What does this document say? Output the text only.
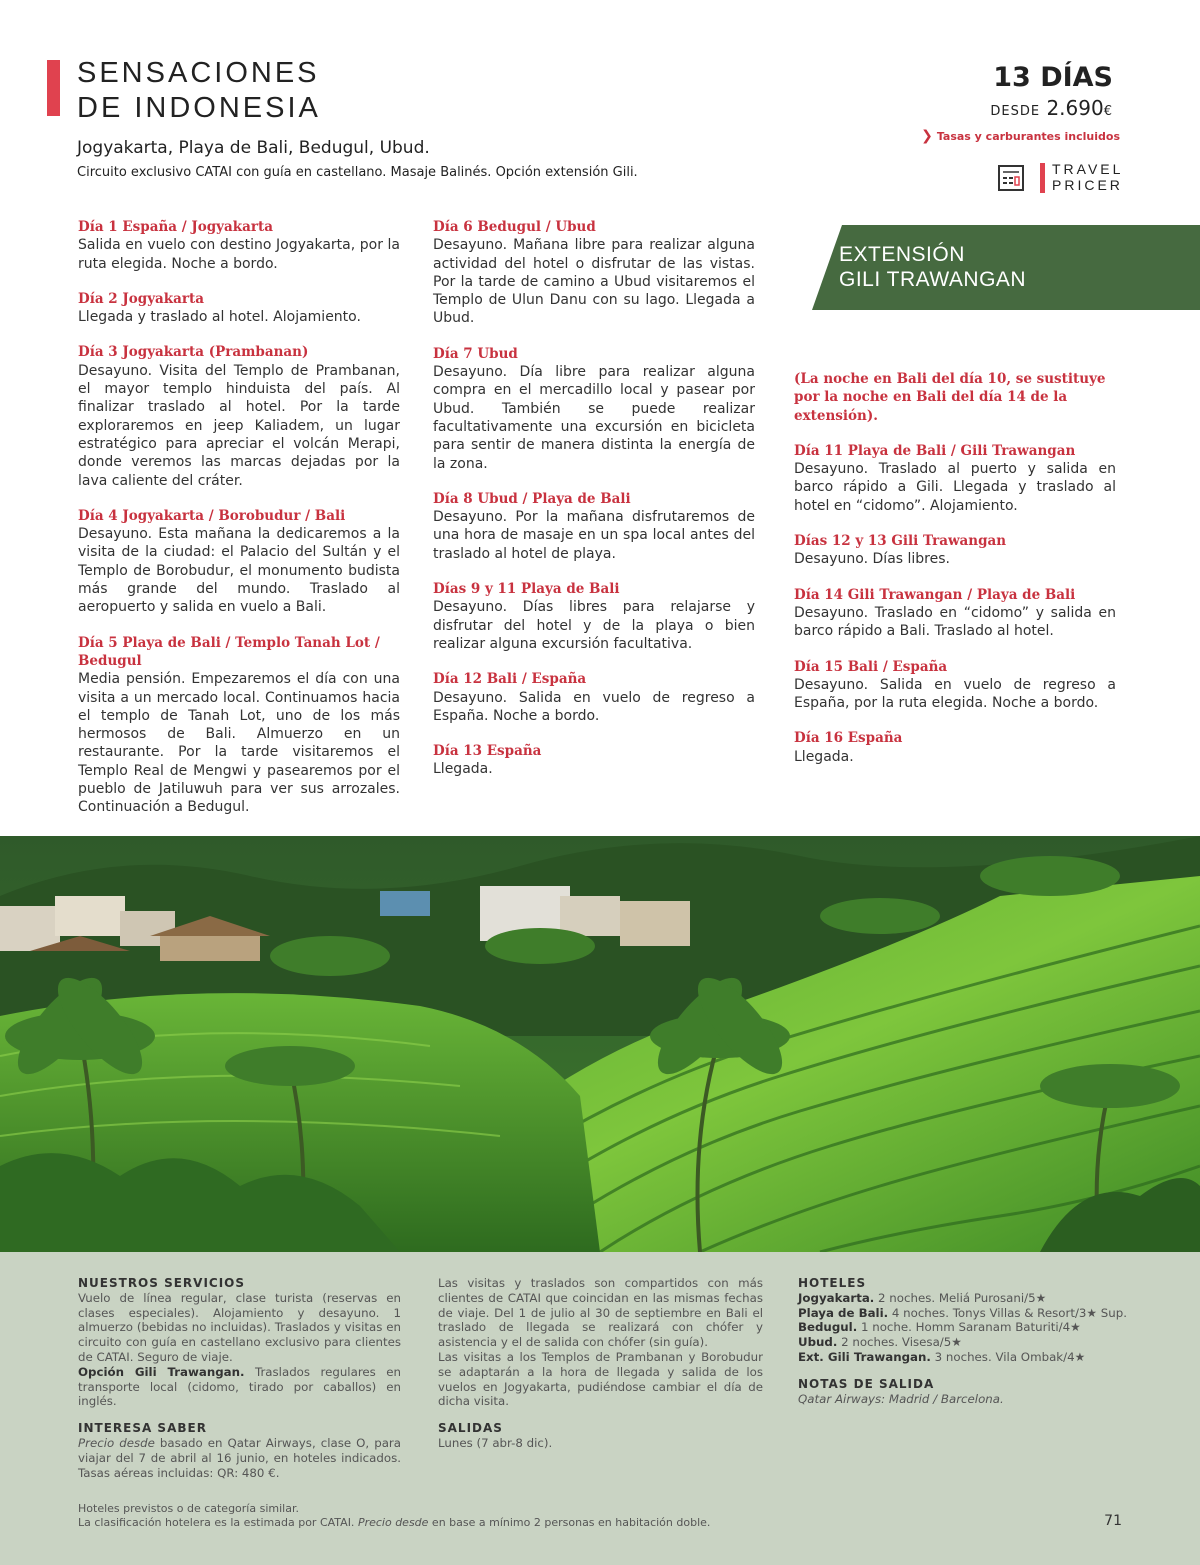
SENSACIONES
DE INDONESIA
Jogyakarta, Playa de Bali, Bedugul, Ubud.
Circuito exclusivo CATAI con guía en castellano. Masaje Balinés. Opción extensión Gili.
13 DÍAS
DESDE 2.690€
❯ Tasas y carburantes incluidos
TRAVEL
PRICER
Día 1 España / Jogyakarta
Salida en vuelo con destino Jogyakarta, por la ruta elegida. Noche a bordo.
Día 2 Jogyakarta
Llegada y traslado al hotel. Alojamiento.
Día 3 Jogyakarta (Prambanan)
Desayuno. Visita del Templo de Prambanan, el mayor templo hinduista del país. Al finalizar traslado al hotel. Por la tarde exploraremos en jeep Kaliadem, un lugar estratégico para apreciar el volcán Merapi, donde veremos las marcas dejadas por la lava caliente del cráter.
Día 4 Jogyakarta / Borobudur / Bali
Desayuno. Esta mañana la dedicaremos a la visita de la ciudad: el Palacio del Sultán y el Templo de Borobudur, el monumento budista más grande del mundo. Traslado al aeropuerto y salida en vuelo a Bali.
Día 5 Playa de Bali / Templo Tanah Lot / Bedugul
Media pensión. Empezaremos el día con una visita a un mercado local. Continuamos hacia el templo de Tanah Lot, uno de los más hermosos de Bali. Almuerzo en un restaurante. Por la tarde visitaremos el Templo Real de Mengwi y pasearemos por el pueblo de Jatiluwuh para ver sus arrozales. Continuación a Bedugul.
Día 6 Bedugul / Ubud
Desayuno. Mañana libre para realizar alguna actividad del hotel o disfrutar de las vistas. Por la tarde de camino a Ubud visitaremos el Templo de Ulun Danu con su lago. Llegada a Ubud.
Día 7 Ubud
Desayuno. Día libre para realizar alguna compra en el mercadillo local y pasear por Ubud. También se puede realizar facultativamente una excursión en bicicleta para sentir de manera distinta la energía de la zona.
Día 8 Ubud / Playa de Bali
Desayuno. Por la mañana disfrutaremos de una hora de masaje en un spa local antes del traslado al hotel de playa.
Días 9 y 11 Playa de Bali
Desayuno. Días libres para relajarse y disfrutar del hotel y de la playa o bien realizar alguna excursión facultativa.
Día 12 Bali / España
Desayuno. Salida en vuelo de regreso a España. Noche a bordo.
Día 13 España
Llegada.
EXTENSIÓN
GILI TRAWANGAN
(La noche en Bali del día 10, se sustituye por la noche en Bali del día 14 de la extensión).
Día 11 Playa de Bali / Gili Trawangan
Desayuno. Traslado al puerto y salida en barco rápido a Gili. Llegada y traslado al hotel en “cidomo”. Alojamiento.
Días 12 y 13 Gili Trawangan
Desayuno. Días libres.
Día 14 Gili Trawangan / Playa de Bali
Desayuno. Traslado en “cidomo” y salida en barco rápido a Bali. Traslado al hotel.
Día 15 Bali / España
Desayuno. Salida en vuelo de regreso a España, por la ruta elegida. Noche a bordo.
Día 16 España
Llegada.
NUESTROS SERVICIOS
Vuelo de línea regular, clase turista (reservas en clases especiales). Alojamiento y desayuno. 1 almuerzo (bebidas no incluidas). Traslados y visitas en circuito con guía en castellano exclusivo para clientes de CATAI. Seguro de viaje.
Opción Gili Trawangan. Traslados regulares en transporte local (cidomo, tirado por caballos) en inglés.
INTERESA SABER
Precio desde basado en Qatar Airways, clase O, para viajar del 7 de abril al 16 junio, en hoteles indicados. Tasas aéreas incluidas: QR: 480 €.
Las visitas y traslados son compartidos con más clientes de CATAI que coincidan en las mismas fechas de viaje. Del 1 de julio al 30 de septiembre en Bali el traslado de llegada se realizará con chófer y asistencia y el de salida con chófer (sin guía).
Las visitas a los Templos de Prambanan y Borobudur se adaptarán a la hora de llegada y salida de los vuelos en Jogyakarta, pudiéndose cambiar el día de dicha visita.
SALIDAS
Lunes (7 abr-8 dic).
HOTELES
Jogyakarta. 2 noches. Meliá Purosani/5★
Playa de Bali. 4 noches. Tonys Villas & Resort/3★ Sup.
Bedugul. 1 noche. Homm Saranam Baturiti/4★
Ubud. 2 noches. Visesa/5★
Ext. Gili Trawangan. 3 noches. Vila Ombak/4★
NOTAS DE SALIDA
Qatar Airways: Madrid / Barcelona.
Hoteles previstos o de categoría similar.
La clasificación hotelera es la estimada por CATAI. Precio desde en base a mínimo 2 personas en habitación doble.	71
